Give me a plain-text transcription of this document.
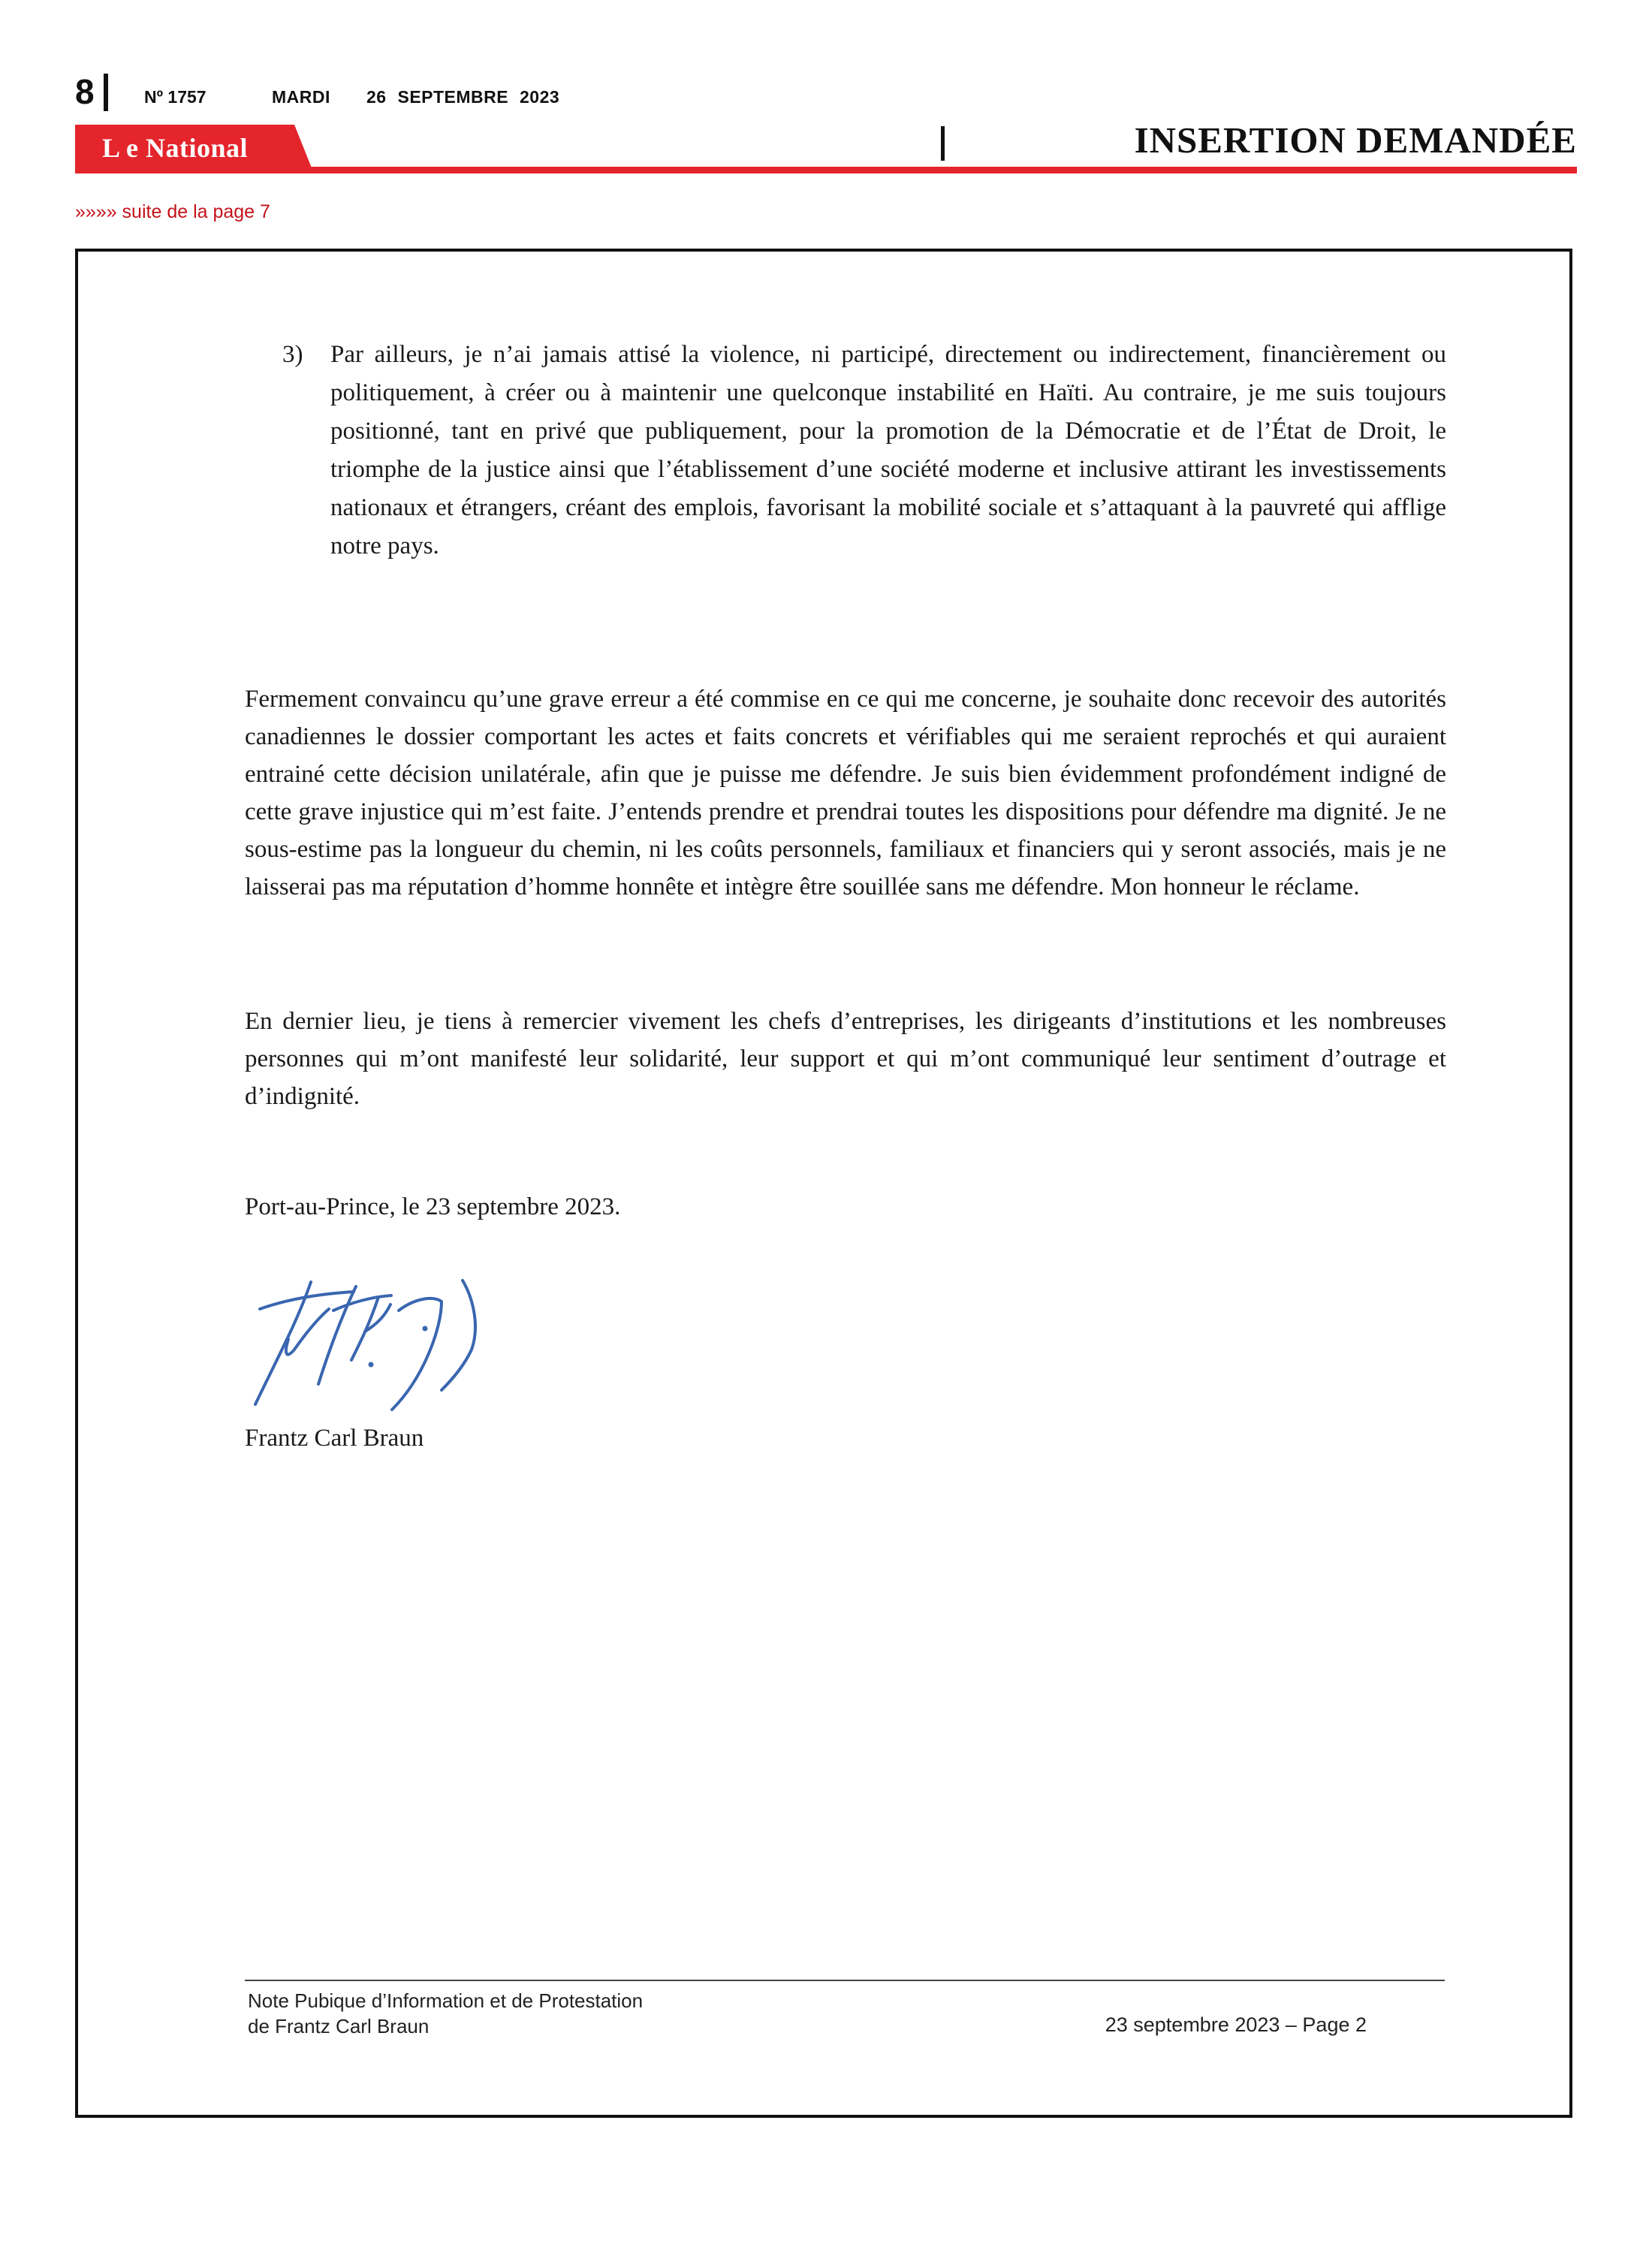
8	Nº 1757	MARDI 26 SEPTEMBRE 2023
L e National	INSERTION DEMANDÉE
»»»» suite de la page 7
3) Par ailleurs, je n’ai jamais attisé la violence, ni participé, directement ou indirectement, financièrement ou politiquement, à créer ou à maintenir une quelconque instabilité en Haïti. Au contraire, je me suis toujours positionné, tant en privé que publiquement, pour la promotion de la Démocratie et de l’État de Droit, le triomphe de la justice ainsi que l’établissement d’une société moderne et inclusive attirant les investissements nationaux et étrangers, créant des emplois, favorisant la mobilité sociale et s’attaquant à la pauvreté qui afflige notre pays.

Fermement convaincu qu’une grave erreur a été commise en ce qui me concerne, je souhaite donc recevoir des autorités canadiennes le dossier comportant les actes et faits concrets et vérifiables qui me seraient reprochés et qui auraient entrainé cette décision unilatérale, afin que je puisse me défendre. Je suis bien évidemment profondément indigné de cette grave injustice qui m’est faite. J’entends prendre et prendrai toutes les dispositions pour défendre ma dignité. Je ne sous-estime pas la longueur du chemin, ni les coûts personnels, familiaux et financiers qui y seront associés, mais je ne laisserai pas ma réputation d’homme honnête et intègre être souillée sans me défendre. Mon honneur le réclame.

En dernier lieu, je tiens à remercier vivement les chefs d’entreprises, les dirigeants d’institutions et les nombreuses personnes qui m’ont manifesté leur solidarité, leur support et qui m’ont communiqué leur sentiment d’outrage et d’indignité.

Port-au-Prince, le 23 septembre 2023.
Frantz Carl Braun
Note Pubique d’Information et de Protestation
de Frantz Carl Braun	23 septembre 2023 – Page 2
